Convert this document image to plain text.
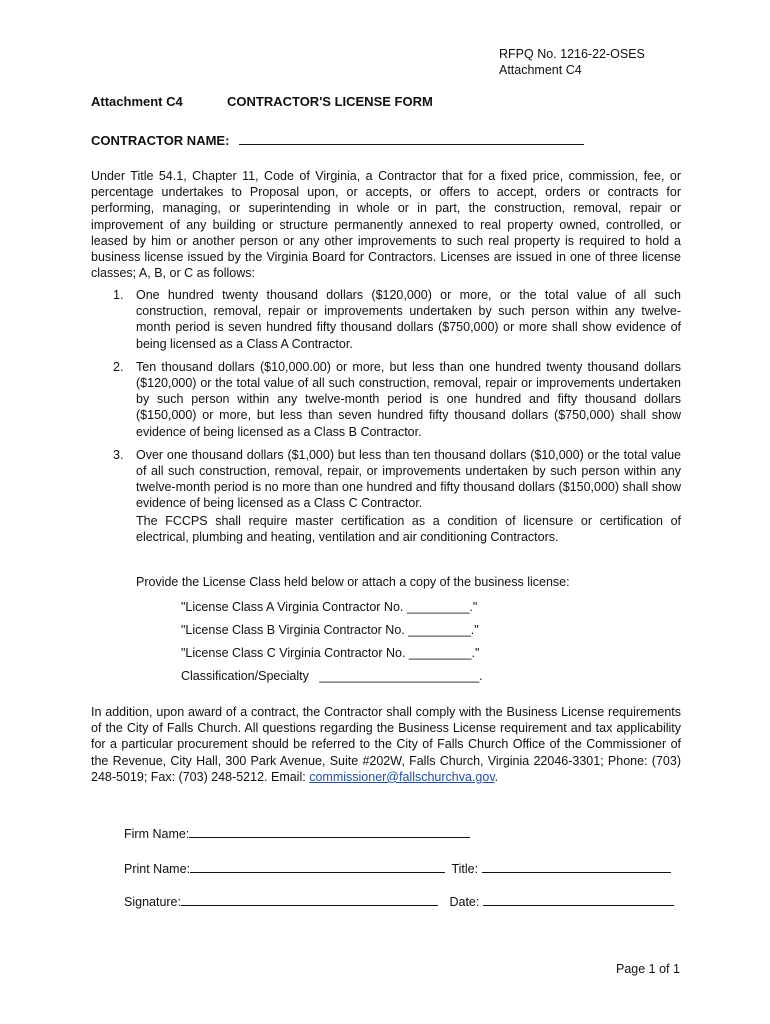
RFPQ No. 1216-22-OSES
Attachment C4
Attachment C4	CONTRACTOR'S LICENSE FORM
CONTRACTOR NAME:
Under Title 54.1, Chapter 11, Code of Virginia, a Contractor that for a fixed price, commission, fee, or percentage undertakes to Proposal upon, or accepts, or offers to accept, orders or contracts for performing, managing, or superintending in whole or in part, the construction, removal, repair or improvement of any building or structure permanently annexed to real property owned, controlled, or leased by him or another person or any other improvements to such real property is required to hold a business license issued by the Virginia Board for Contractors. Licenses are issued in one of three license classes; A, B, or C as follows:
1. One hundred twenty thousand dollars ($120,000) or more, or the total value of all such construction, removal, repair or improvements undertaken by such person within any twelve-month period is seven hundred fifty thousand dollars ($750,000) or more shall show evidence of being licensed as a Class A Contractor.
2. Ten thousand dollars ($10,000.00) or more, but less than one hundred twenty thousand dollars ($120,000) or the total value of all such construction, removal, repair or improvements undertaken by such person within any twelve-month period is one hundred and fifty thousand dollars ($150,000) or more, but less than seven hundred fifty thousand dollars ($750,000) shall show evidence of being licensed as a Class B Contractor.
3. Over one thousand dollars ($1,000) but less than ten thousand dollars ($10,000) or the total value of all such construction, removal, repair, or improvements undertaken by such person within any twelve-month period is no more than one hundred and fifty thousand dollars ($150,000) shall show evidence of being licensed as a Class C Contractor.
The FCCPS shall require master certification as a condition of licensure or certification of electrical, plumbing and heating, ventilation and air conditioning Contractors.
Provide the License Class held below or attach a copy of the business license:
"License Class A Virginia Contractor No. _________."
"License Class B Virginia Contractor No. _________."
"License Class C Virginia Contractor No. _________."
Classification/Specialty   _______________________.
In addition, upon award of a contract, the Contractor shall comply with the Business License requirements of the City of Falls Church. All questions regarding the Business License requirement and tax applicability for a particular procurement should be referred to the City of Falls Church Office of the Commissioner of the Revenue, City Hall, 300 Park Avenue, Suite #202W, Falls Church, Virginia 22046-3301; Phone: (703) 248-5019; Fax: (703) 248-5212. Email: commissioner@fallschurchva.gov.
Firm Name:
Print Name:	Title:
Signature:	Date:
Page 1 of 1
